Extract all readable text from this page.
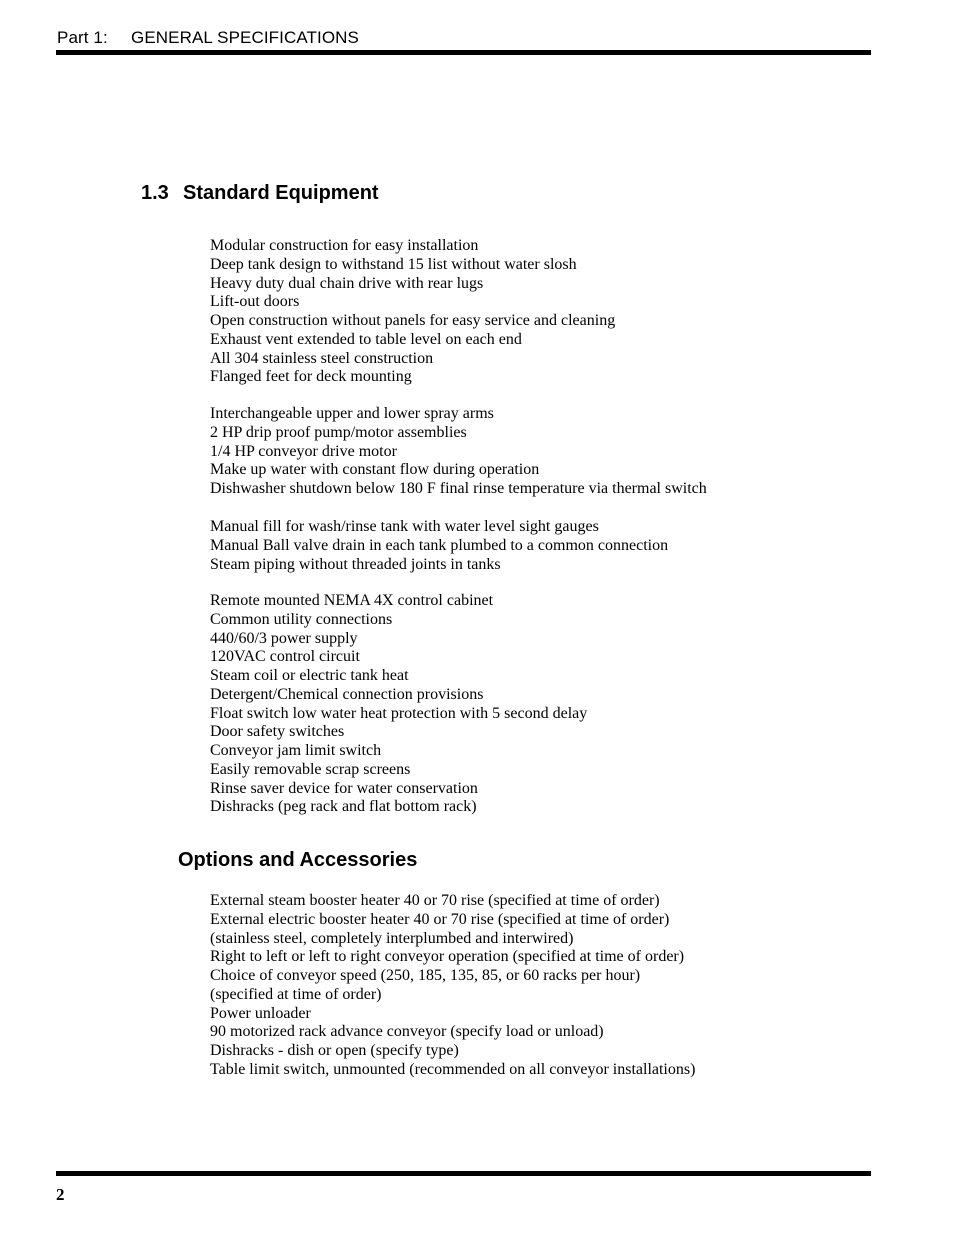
Part 1: GENERAL SPECIFICATIONS
1.3 Standard Equipment
Modular construction for easy installation
Deep tank design to withstand 15 list without water slosh
Heavy duty dual chain drive with rear lugs
Lift-out doors
Open construction without panels for easy service and cleaning
Exhaust vent extended to table level on each end
All 304 stainless steel construction
Flanged feet for deck mounting
Interchangeable upper and lower spray arms
2 HP drip proof pump/motor assemblies
1/4 HP conveyor drive motor
Make up water with constant flow during operation
Dishwasher shutdown below 180 F final rinse temperature via thermal switch
Manual fill for wash/rinse tank with water level sight gauges
Manual Ball valve drain in each tank plumbed to a common connection
Steam piping without threaded joints in tanks
Remote mounted NEMA 4X control cabinet
Common utility connections
440/60/3 power supply
120VAC control circuit
Steam coil or electric tank heat
Detergent/Chemical connection provisions
Float switch low water heat protection with 5 second delay
Door safety switches
Conveyor jam limit switch
Easily removable scrap screens
Rinse saver device for water conservation
Dishracks (peg rack and flat bottom rack)
Options and Accessories
External steam booster heater 40 or 70 rise (specified at time of order)
External electric booster heater 40 or 70 rise (specified at time of order)
(stainless steel, completely interplumbed and interwired)
Right to left or left to right conveyor operation (specified at time of order)
Choice of conveyor speed (250, 185, 135, 85, or 60 racks per hour)
(specified at time of order)
Power unloader
90 motorized rack advance conveyor (specify load or unload)
Dishracks - dish or open (specify type)
Table limit switch, unmounted (recommended on all conveyor installations)
2
